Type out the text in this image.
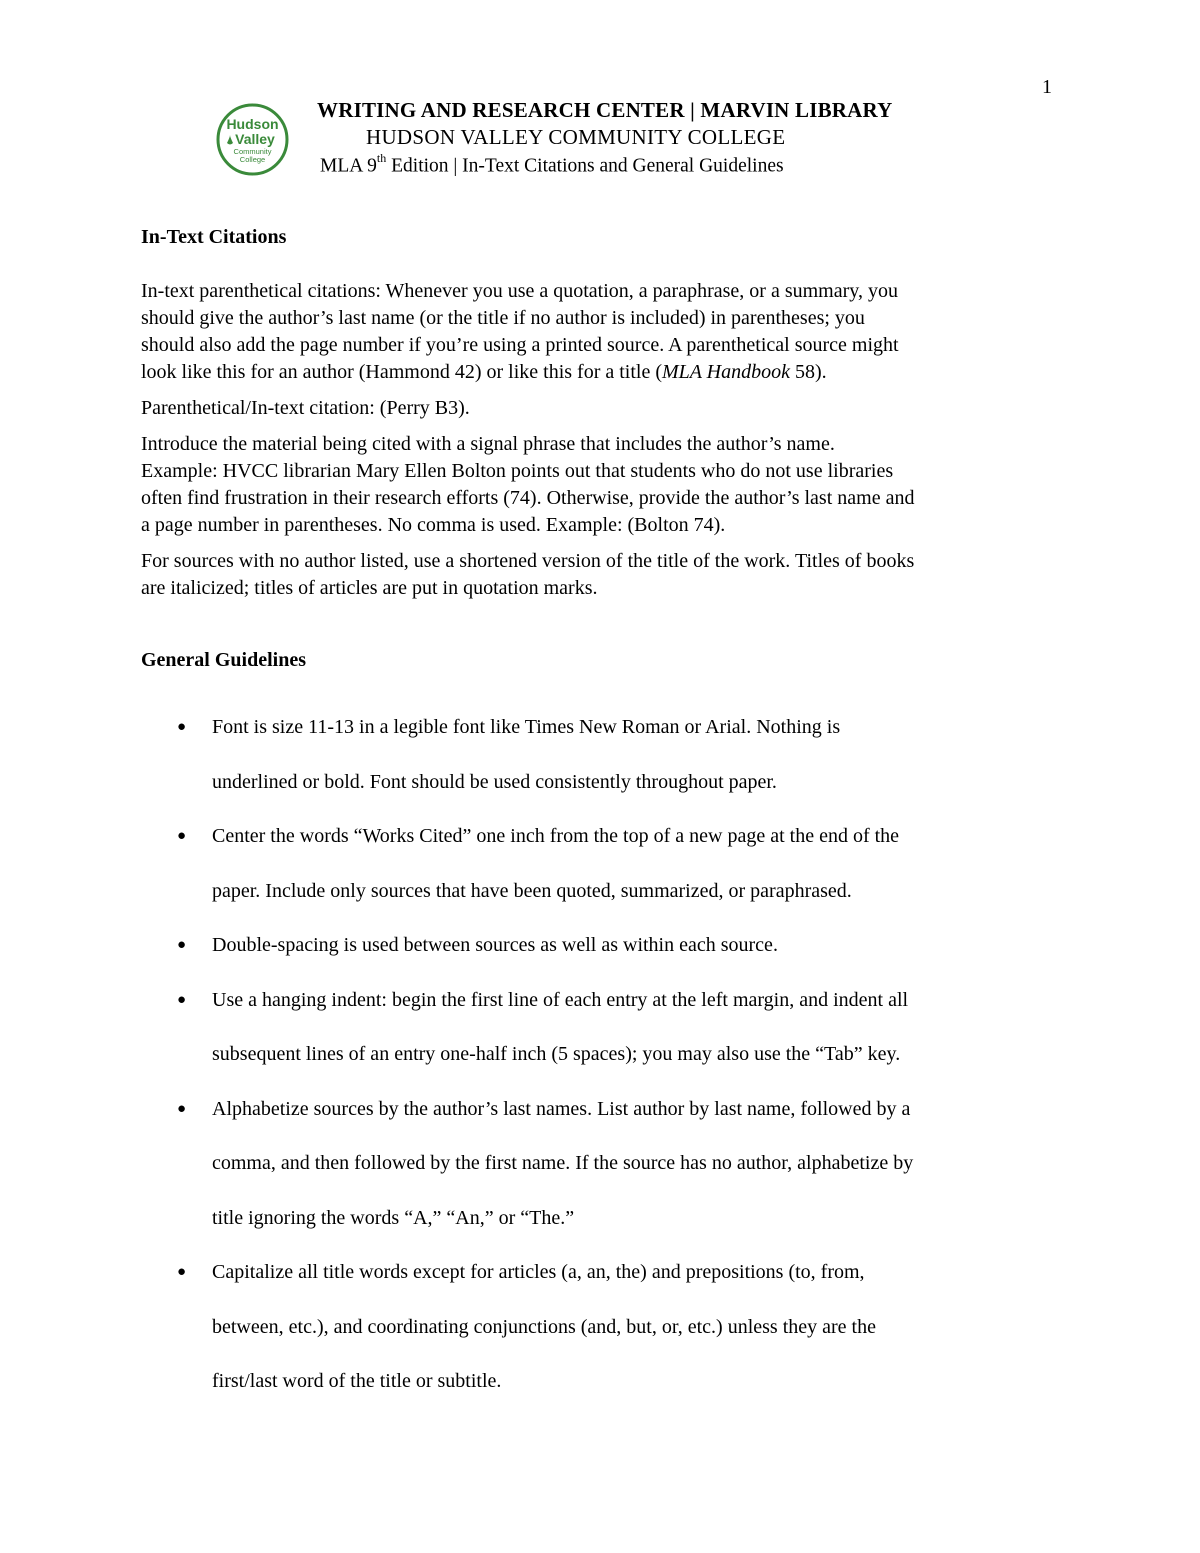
1
Hudson
Valley
Community
College
WRITING AND RESEARCH CENTER | MARVIN LIBRARY
HUDSON VALLEY COMMUNITY COLLEGE
MLA 9th Edition | In-Text Citations and General Guidelines
In-Text Citations

In-text parenthetical citations: Whenever you use a quotation, a paraphrase, or a summary, you
should give the author’s last name (or the title if no author is included) in parentheses; you
should also add the page number if you’re using a printed source. A parenthetical source might
look like this for an author (Hammond 42) or like this for a title (MLA Handbook 58).

Parenthetical/In-text citation: (Perry B3).

Introduce the material being cited with a signal phrase that includes the author’s name.
Example: HVCC librarian Mary Ellen Bolton points out that students who do not use libraries
often find frustration in their research efforts (74). Otherwise, provide the author’s last name and
a page number in parentheses. No comma is used. Example: (Bolton 74).

For sources with no author listed, use a shortened version of the title of the work. Titles of books
are italicized; titles of articles are put in quotation marks.

General Guidelines
● Font is size 11-13 in a legible font like Times New Roman or Arial. Nothing is
underlined or bold. Font should be used consistently throughout paper.
● Center the words “Works Cited” one inch from the top of a new page at the end of the
paper. Include only sources that have been quoted, summarized, or paraphrased.
● Double-spacing is used between sources as well as within each source.
● Use a hanging indent: begin the first line of each entry at the left margin, and indent all
subsequent lines of an entry one-half inch (5 spaces); you may also use the “Tab” key.
● Alphabetize sources by the author’s last names. List author by last name, followed by a
comma, and then followed by the first name. If the source has no author, alphabetize by
title ignoring the words “A,” “An,” or “The.”
● Capitalize all title words except for articles (a, an, the) and prepositions (to, from,
between, etc.), and coordinating conjunctions (and, but, or, etc.) unless they are the
first/last word of the title or subtitle.
